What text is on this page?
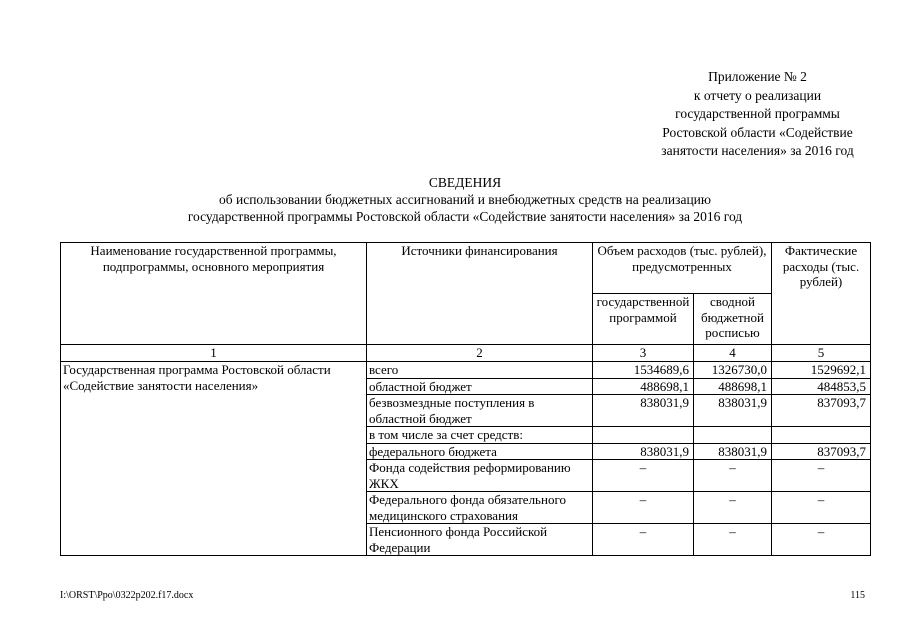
Приложение № 2
к отчету о реализации
государственной программы
Ростовской области «Содействие
занятости населения» за 2016 год
СВЕДЕНИЯ
об использовании бюджетных ассигнований и внебюджетных средств на реализацию
государственной программы Ростовской области «Содействие занятости населения» за 2016 год
Наименование государственной программы, подпрограммы, основного мероприятия	Источники финансирования	Объем расходов (тыс. рублей), предусмотренных		Фактические расходы (тыс. рублей)
		государственной программой	сводной бюджетной росписью	
1	2	3	4	5
Государственная программа Ростовской области «Содействие занятости населения»	всего	1534689,6	1326730,0	1529692,1
	областной бюджет	488698,1	488698,1	484853,5
	безвозмездные поступления в областной бюджет	838031,9	838031,9	837093,7
	в том числе за счет средств:			
	федерального бюджета	838031,9	838031,9	837093,7
	Фонда содействия реформированию ЖКХ	–	–	–
	Федерального фонда обязательного медицинского страхования	–	–	–
	Пенсионного фонда Российской Федерации	–	–	–
I:\ORST\Ppo\0322p202.f17.docx	115
